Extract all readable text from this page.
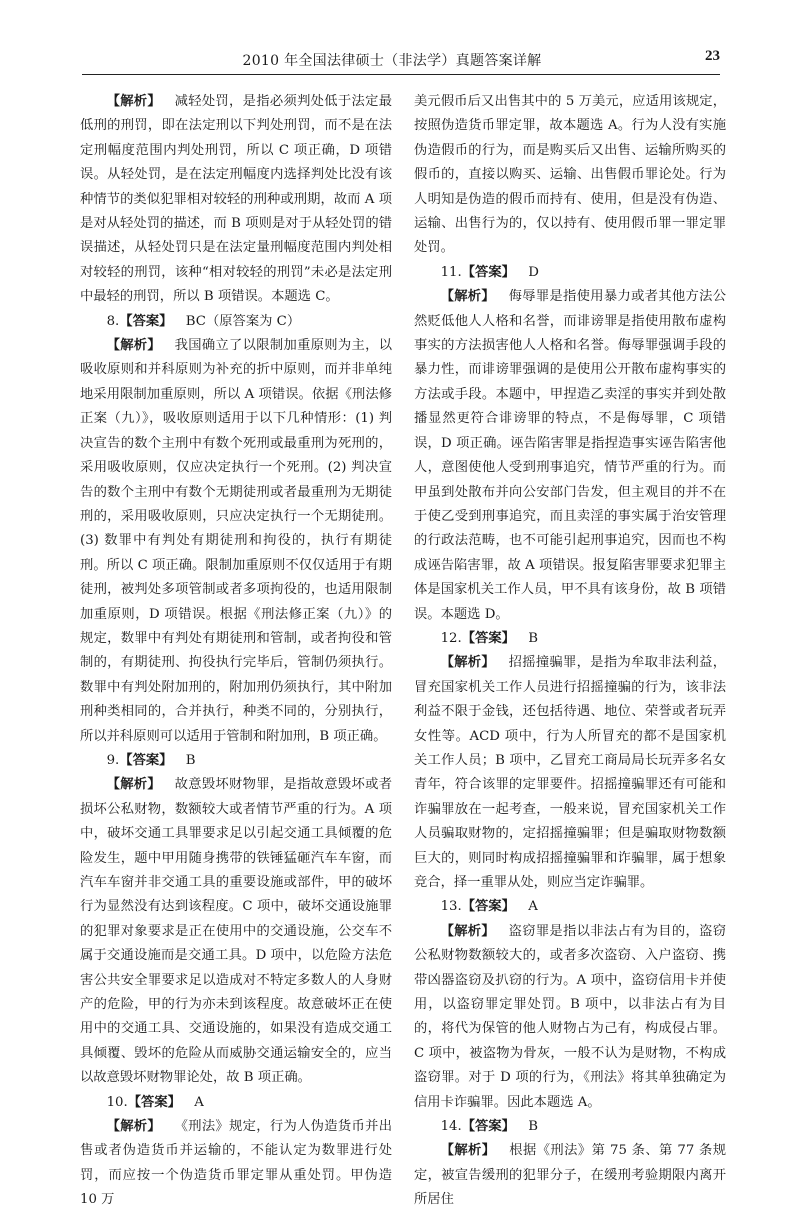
2010 年全国法律硕士（非法学）真题答案详解	23

【解析】  减轻处罚，是指必须判处低于法定最低刑的刑罚，即在法定刑以下判处刑罚，而不是在法定刑幅度范围内判处刑罚，所以 C 项正确，D 项错误。从轻处罚，是在法定刑幅度内选择判处比没有该种情节的类似犯罪相对较轻的刑种或刑期，故而 A 项是对从轻处罚的描述，而 B 项则是对于从轻处罚的错误描述，从轻处罚只是在法定量刑幅度范围内判处相对较轻的刑罚，该种“相对较轻的刑罚”未必是法定刑中最轻的刑罚，所以 B 项错误。本题选 C。

8.【答案】  BC（原答案为 C）

【解析】  我国确立了以限制加重原则为主，以吸收原则和并科原则为补充的折中原则，而并非单纯地采用限制加重原则，所以 A 项错误。依据《刑法修正案（九）》，吸收原则适用于以下几种情形：(1) 判决宣告的数个主刑中有数个死刑或最重刑为死刑的，采用吸收原则，仅应决定执行一个死刑。(2) 判决宣告的数个主刑中有数个无期徒刑或者最重刑为无期徒刑的，采用吸收原则，只应决定执行一个无期徒刑。(3) 数罪中有判处有期徒刑和拘役的，执行有期徒刑。所以 C 项正确。限制加重原则不仅仅适用于有期徒刑，被判处多项管制或者多项拘役的，也适用限制加重原则，D 项错误。根据《刑法修正案（九）》的规定，数罪中有判处有期徒刑和管制，或者拘役和管制的，有期徒刑、拘役执行完毕后，管制仍须执行。数罪中有判处附加刑的，附加刑仍须执行，其中附加刑种类相同的，合并执行，种类不同的，分别执行，所以并科原则可以适用于管制和附加刑，B 项正确。

9.【答案】  B

【解析】  故意毁坏财物罪，是指故意毁坏或者损坏公私财物，数额较大或者情节严重的行为。A 项中，破坏交通工具罪要求足以引起交通工具倾覆的危险发生，题中甲用随身携带的铁锤猛砸汽车车窗，而汽车车窗并非交通工具的重要设施或部件，甲的破坏行为显然没有达到该程度。C 项中，破坏交通设施罪的犯罪对象要求是正在使用中的交通设施，公交车不属于交通设施而是交通工具。D 项中，以危险方法危害公共安全罪要求足以造成对不特定多数人的人身财产的危险，甲的行为亦未到该程度。故意破坏正在使用中的交通工具、交通设施的，如果没有造成交通工具倾覆、毁坏的危险从而威胁交通运输安全的，应当以故意毁坏财物罪论处，故 B 项正确。

10.【答案】  A

【解析】  《刑法》规定，行为人伪造货币并出售或者伪造货币并运输的，不能认定为数罪进行处罚，而应按一个伪造货币罪定罪从重处罚。甲伪造 10 万

美元假币后又出售其中的 5 万美元，应适用该规定，按照伪造货币罪定罪，故本题选 A。行为人没有实施伪造假币的行为，而是购买后又出售、运输所购买的假币的，直接以购买、运输、出售假币罪论处。行为人明知是伪造的假币而持有、使用，但是没有伪造、运输、出售行为的，仅以持有、使用假币罪一罪定罪处罚。

11.【答案】  D

【解析】  侮辱罪是指使用暴力或者其他方法公然贬低他人人格和名誉，而诽谤罪是指使用散布虚构事实的方法损害他人人格和名誉。侮辱罪强调手段的暴力性，而诽谤罪强调的是使用公开散布虚构事实的方法或手段。本题中，甲捏造乙卖淫的事实并到处散播显然更符合诽谤罪的特点，不是侮辱罪，C 项错误，D 项正确。诬告陷害罪是指捏造事实诬告陷害他人，意图使他人受到刑事追究，情节严重的行为。而甲虽到处散布并向公安部门告发，但主观目的并不在于使乙受到刑事追究，而且卖淫的事实属于治安管理的行政法范畴，也不可能引起刑事追究，因而也不构成诬告陷害罪，故 A 项错误。报复陷害罪要求犯罪主体是国家机关工作人员，甲不具有该身份，故 B 项错误。本题选 D。

12.【答案】  B

【解析】  招摇撞骗罪，是指为牟取非法利益，冒充国家机关工作人员进行招摇撞骗的行为，该非法利益不限于金钱，还包括待遇、地位、荣誉或者玩弄女性等。ACD 项中，行为人所冒充的都不是国家机关工作人员；B 项中，乙冒充工商局局长玩弄多名女青年，符合该罪的定罪要件。招摇撞骗罪还有可能和诈骗罪放在一起考查，一般来说，冒充国家机关工作人员骗取财物的，定招摇撞骗罪；但是骗取财物数额巨大的，则同时构成招摇撞骗罪和诈骗罪，属于想象竞合，择一重罪从处，则应当定诈骗罪。

13.【答案】  A

【解析】  盗窃罪是指以非法占有为目的，盗窃公私财物数额较大的，或者多次盗窃、入户盗窃、携带凶器盗窃及扒窃的行为。A 项中，盗窃信用卡并使用，以盗窃罪定罪处罚。B 项中，以非法占有为目的，将代为保管的他人财物占为己有，构成侵占罪。C 项中，被盗物为骨灰，一般不认为是财物，不构成盗窃罪。对于 D 项的行为，《刑法》将其单独确定为信用卡诈骗罪。因此本题选 A。

14.【答案】  B

【解析】  根据《刑法》第 75 条、第 77 条规定，被宣告缓刑的犯罪分子，在缓刑考验期限内离开所居住
